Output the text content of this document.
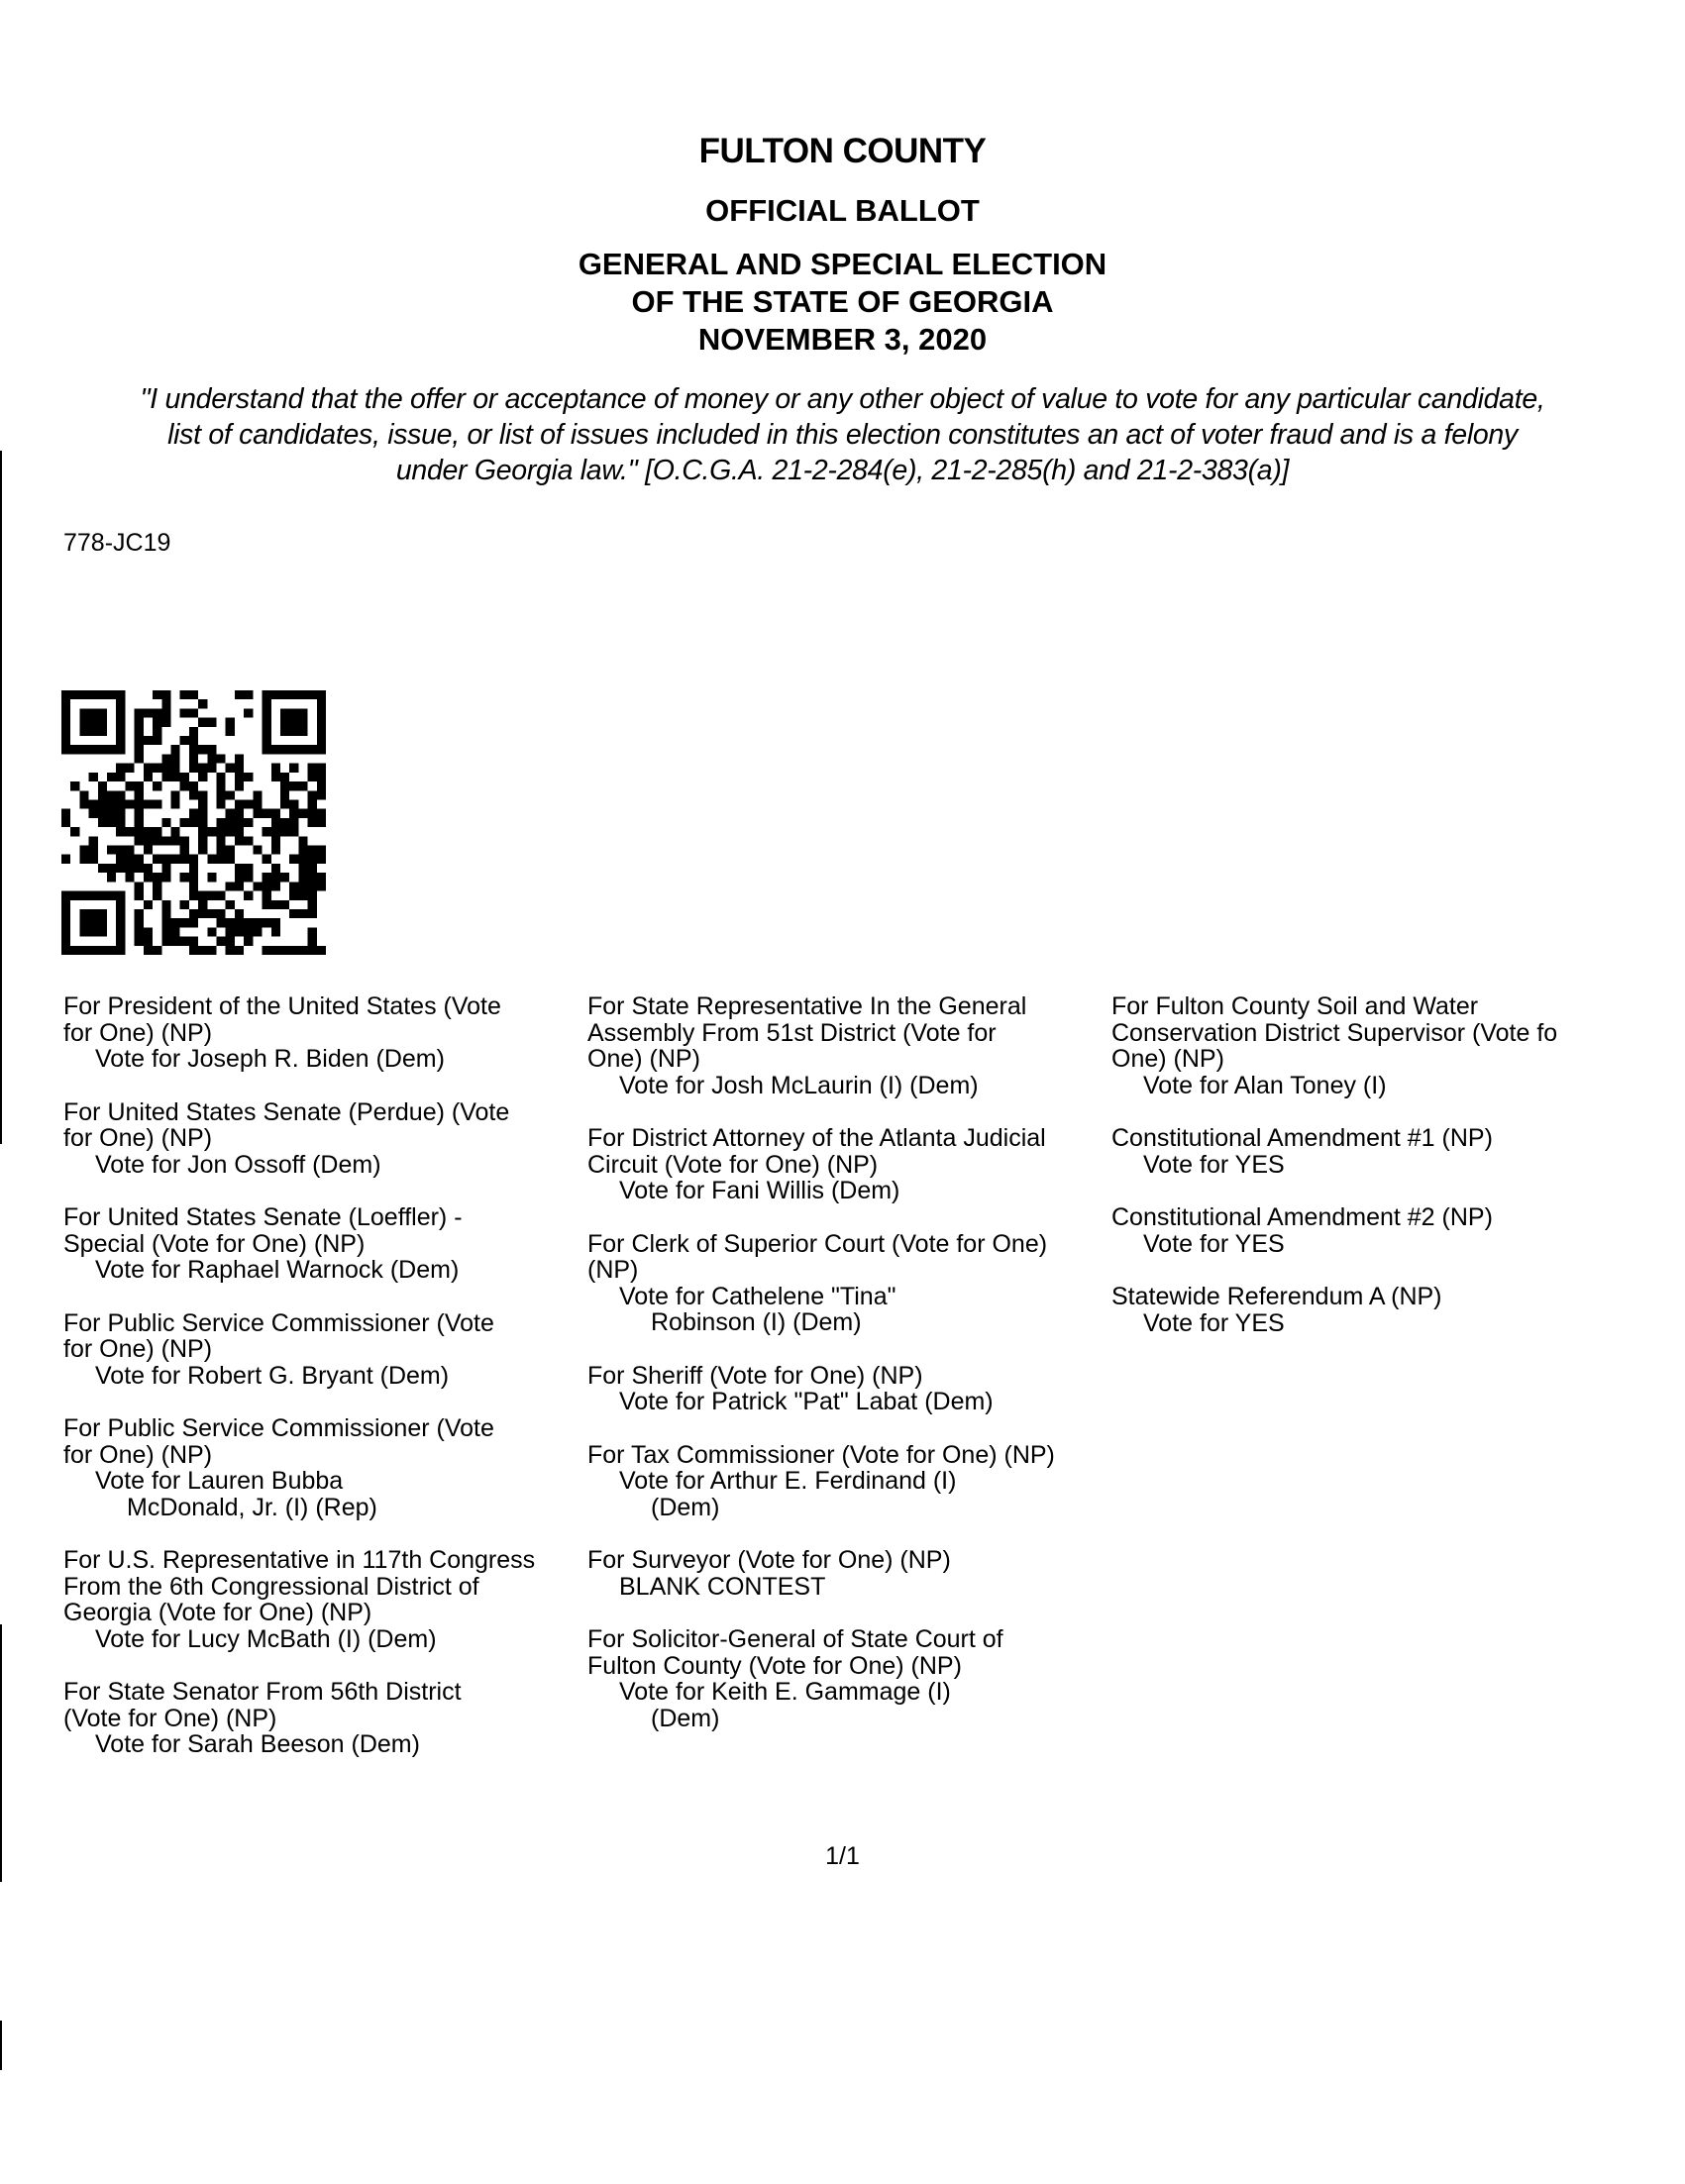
FULTON COUNTY
OFFICIAL BALLOT
GENERAL AND SPECIAL ELECTION
OF THE STATE OF GEORGIA
NOVEMBER 3, 2020
"I understand that the offer or acceptance of money or any other object of value to vote for any particular candidate,
list of candidates, issue, or list of issues included in this election constitutes an act of voter fraud and is a felony
under Georgia law." [O.C.G.A. 21-2-284(e), 21-2-285(h) and 21-2-383(a)]
778-JC19
For President of the United States (Vote
for One) (NP)
Vote for Joseph R. Biden (Dem)
For United States Senate (Perdue) (Vote
for One) (NP)
Vote for Jon Ossoff (Dem)
For United States Senate (Loeffler) -
Special (Vote for One) (NP)
Vote for Raphael Warnock (Dem)
For Public Service Commissioner (Vote
for One) (NP)
Vote for Robert G. Bryant (Dem)
For Public Service Commissioner (Vote
for One) (NP)
Vote for Lauren Bubba
McDonald, Jr. (I) (Rep)
For U.S. Representative in 117th Congress
From the 6th Congressional District of
Georgia (Vote for One) (NP)
Vote for Lucy McBath (I) (Dem)
For State Senator From 56th District
(Vote for One) (NP)
Vote for Sarah Beeson (Dem)
For State Representative In the General
Assembly From 51st District (Vote for
One) (NP)
Vote for Josh McLaurin (I) (Dem)
For District Attorney of the Atlanta Judicial
Circuit (Vote for One) (NP)
Vote for Fani Willis (Dem)
For Clerk of Superior Court (Vote for One)
(NP)
Vote for Cathelene "Tina"
Robinson (I) (Dem)
For Sheriff (Vote for One) (NP)
Vote for Patrick "Pat" Labat (Dem)
For Tax Commissioner (Vote for One) (NP)
Vote for Arthur E. Ferdinand (I)
(Dem)
For Surveyor (Vote for One) (NP)
BLANK CONTEST
For Solicitor-General of State Court of
Fulton County (Vote for One) (NP)
Vote for Keith E. Gammage (I)
(Dem)
For Fulton County Soil and Water
Conservation District Supervisor (Vote fo
One) (NP)
Vote for Alan Toney (I)
Constitutional Amendment #1 (NP)
Vote for YES
Constitutional Amendment #2 (NP)
Vote for YES
Statewide Referendum A (NP)
Vote for YES
1/1
